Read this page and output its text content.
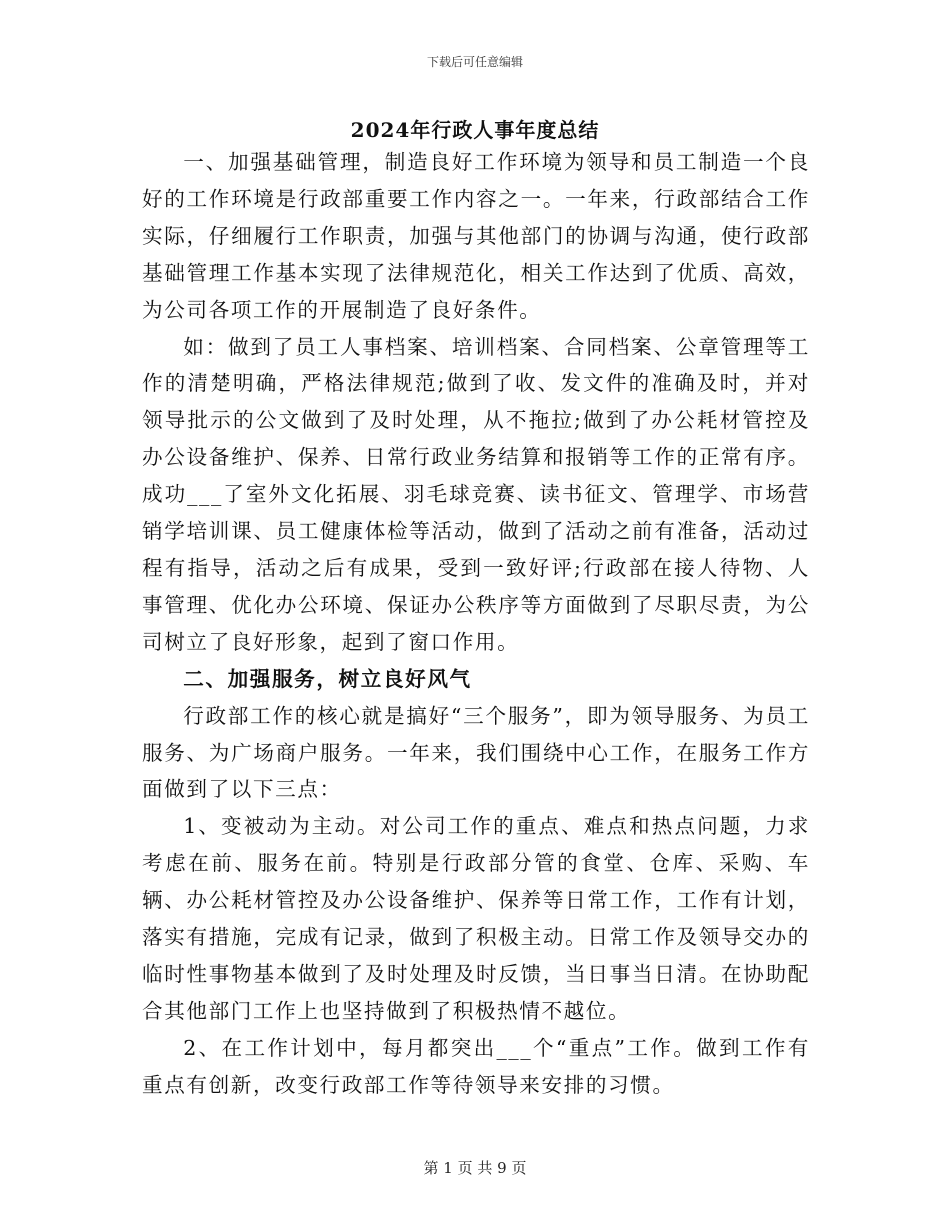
下载后可任意编辑
2024年行政人事年度总结

一、加强基础管理，制造良好工作环境为领导和员工制造一个良好的工作环境是行政部重要工作内容之一。一年来，行政部结合工作实际，仔细履行工作职责，加强与其他部门的协调与沟通，使行政部基础管理工作基本实现了法律规范化，相关工作达到了优质、高效，为公司各项工作的开展制造了良好条件。

如：做到了员工人事档案、培训档案、合同档案、公章管理等工作的清楚明确，严格法律规范;做到了收、发文件的准确及时，并对领导批示的公文做到了及时处理，从不拖拉;做到了办公耗材管控及办公设备维护、保养、日常行政业务结算和报销等工作的正常有序。成功___了室外文化拓展、羽毛球竞赛、读书征文、管理学、市场营销学培训课、员工健康体检等活动，做到了活动之前有准备，活动过程有指导，活动之后有成果，受到一致好评;行政部在接人待物、人事管理、优化办公环境、保证办公秩序等方面做到了尽职尽责，为公司树立了良好形象，起到了窗口作用。

二、加强服务，树立良好风气

行政部工作的核心就是搞好“三个服务”，即为领导服务、为员工服务、为广场商户服务。一年来，我们围绕中心工作，在服务工作方面做到了以下三点：

1、变被动为主动。对公司工作的重点、难点和热点问题，力求考虑在前、服务在前。特别是行政部分管的食堂、仓库、采购、车辆、办公耗材管控及办公设备维护、保养等日常工作，工作有计划，落实有措施，完成有记录，做到了积极主动。日常工作及领导交办的临时性事物基本做到了及时处理及时反馈，当日事当日清。在协助配合其他部门工作上也坚持做到了积极热情不越位。

2、在工作计划中，每月都突出___个“重点”工作。做到工作有重点有创新，改变行政部工作等待领导来安排的习惯。

第 1 页 共 9 页
